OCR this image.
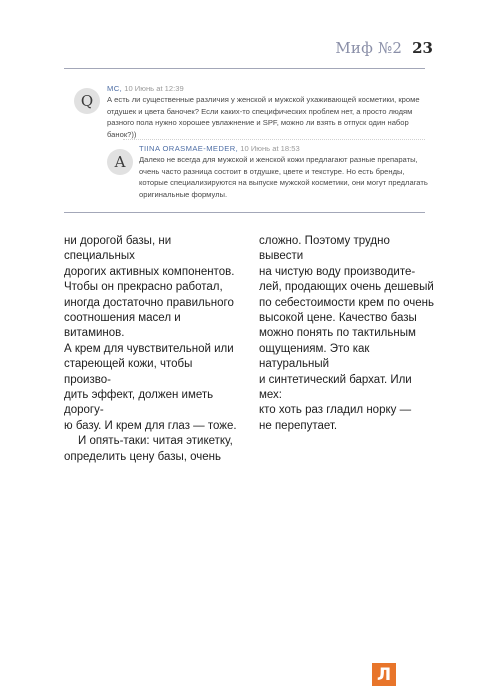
Миф №2 23
Q
MC, 10 Июнь at 12:39
А есть ли существенные различия у женской и мужской ухаживающей косметики, кроме отдушек и цвета баночек? Если каких-то специфических проблем нет, а просто людям разного пола нужно хорошее увлажнение и SPF, можно ли взять в отпуск один набор банок?))
A
TIINA ORASMAE-MEDER, 10 Июнь at 18:53
Далеко не всегда для мужской и женской кожи предлагают разные препараты, очень часто разница состоит в отдушке, цвете и текстуре. Но есть бренды, которые специализируются на выпуске мужской косметики, они могут предлагать оригинальные формулы.

ни дорогой базы, ни специальных
дорогих активных компонентов.
Чтобы он прекрасно работал,
иногда достаточно правильного
соотношения масел и витаминов.
А крем для чувствительной или
стареющей кожи, чтобы произво-
дить эффект, должен иметь дорогу-
ю базу. И крем для глаз — тоже.

И опять-таки: читая этикетку,
определить цену базы, очень

сложно. Поэтому трудно вывести
на чистую воду производите-
лей, продающих очень дешевый
по себестоимости крем по очень
высокой цене. Качество базы
можно понять по тактильным
ощущениям. Это как натуральный
и синтетический бархат. Или мех:
кто хоть раз гладил норку —
не перепутает.

Л
